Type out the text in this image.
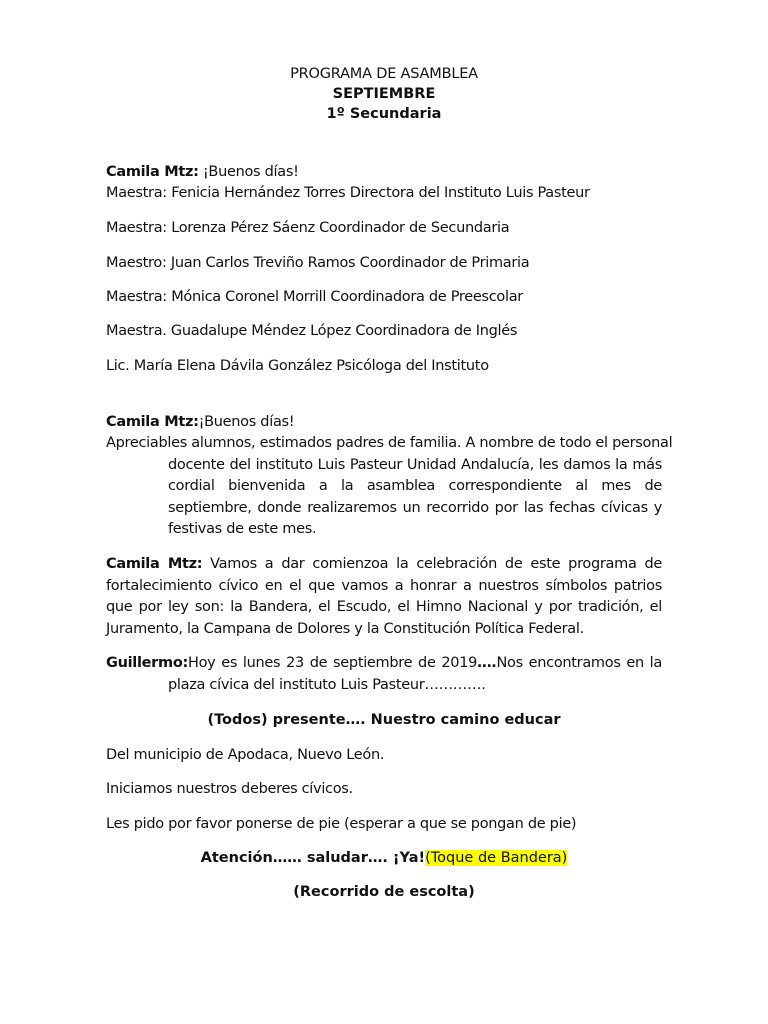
PROGRAMA DE ASAMBLEA
SEPTIEMBRE
1º Secundaria
Camila Mtz: ¡Buenos días!
Maestra: Fenicia Hernández Torres Directora del Instituto Luis Pasteur
Maestra: Lorenza Pérez Sáenz Coordinador de Secundaria
Maestro: Juan Carlos Treviño Ramos Coordinador de Primaria
Maestra: Mónica Coronel Morrill Coordinadora de Preescolar
Maestra. Guadalupe Méndez López Coordinadora de Inglés
Lic. María Elena Dávila González Psicóloga del Instituto
Camila Mtz:¡Buenos días!
Apreciables alumnos, estimados padres de familia. A nombre de todo el personal
docente del instituto Luis Pasteur Unidad Andalucía, les damos la más cordial bienvenida a la asamblea correspondiente al mes de septiembre, donde realizaremos un recorrido por las fechas cívicas y festivas de este mes.
Camila Mtz: Vamos a dar comienzoa la celebración de este programa de fortalecimiento cívico en el que vamos a honrar a nuestros símbolos patrios que por ley son: la Bandera, el Escudo, el Himno Nacional y por tradición, el Juramento, la Campana de Dolores y la Constitución Política Federal.
Guillermo:Hoy es lunes 23 de septiembre de 2019….Nos encontramos en la
plaza cívica del instituto Luis Pasteur………….
(Todos) presente…. Nuestro camino educar
Del municipio de Apodaca, Nuevo León.
Iniciamos nuestros deberes cívicos.
Les pido por favor ponerse de pie (esperar a que se pongan de pie)
Atención…… saludar…. ¡Ya!(Toque de Bandera)
(Recorrido de escolta)
